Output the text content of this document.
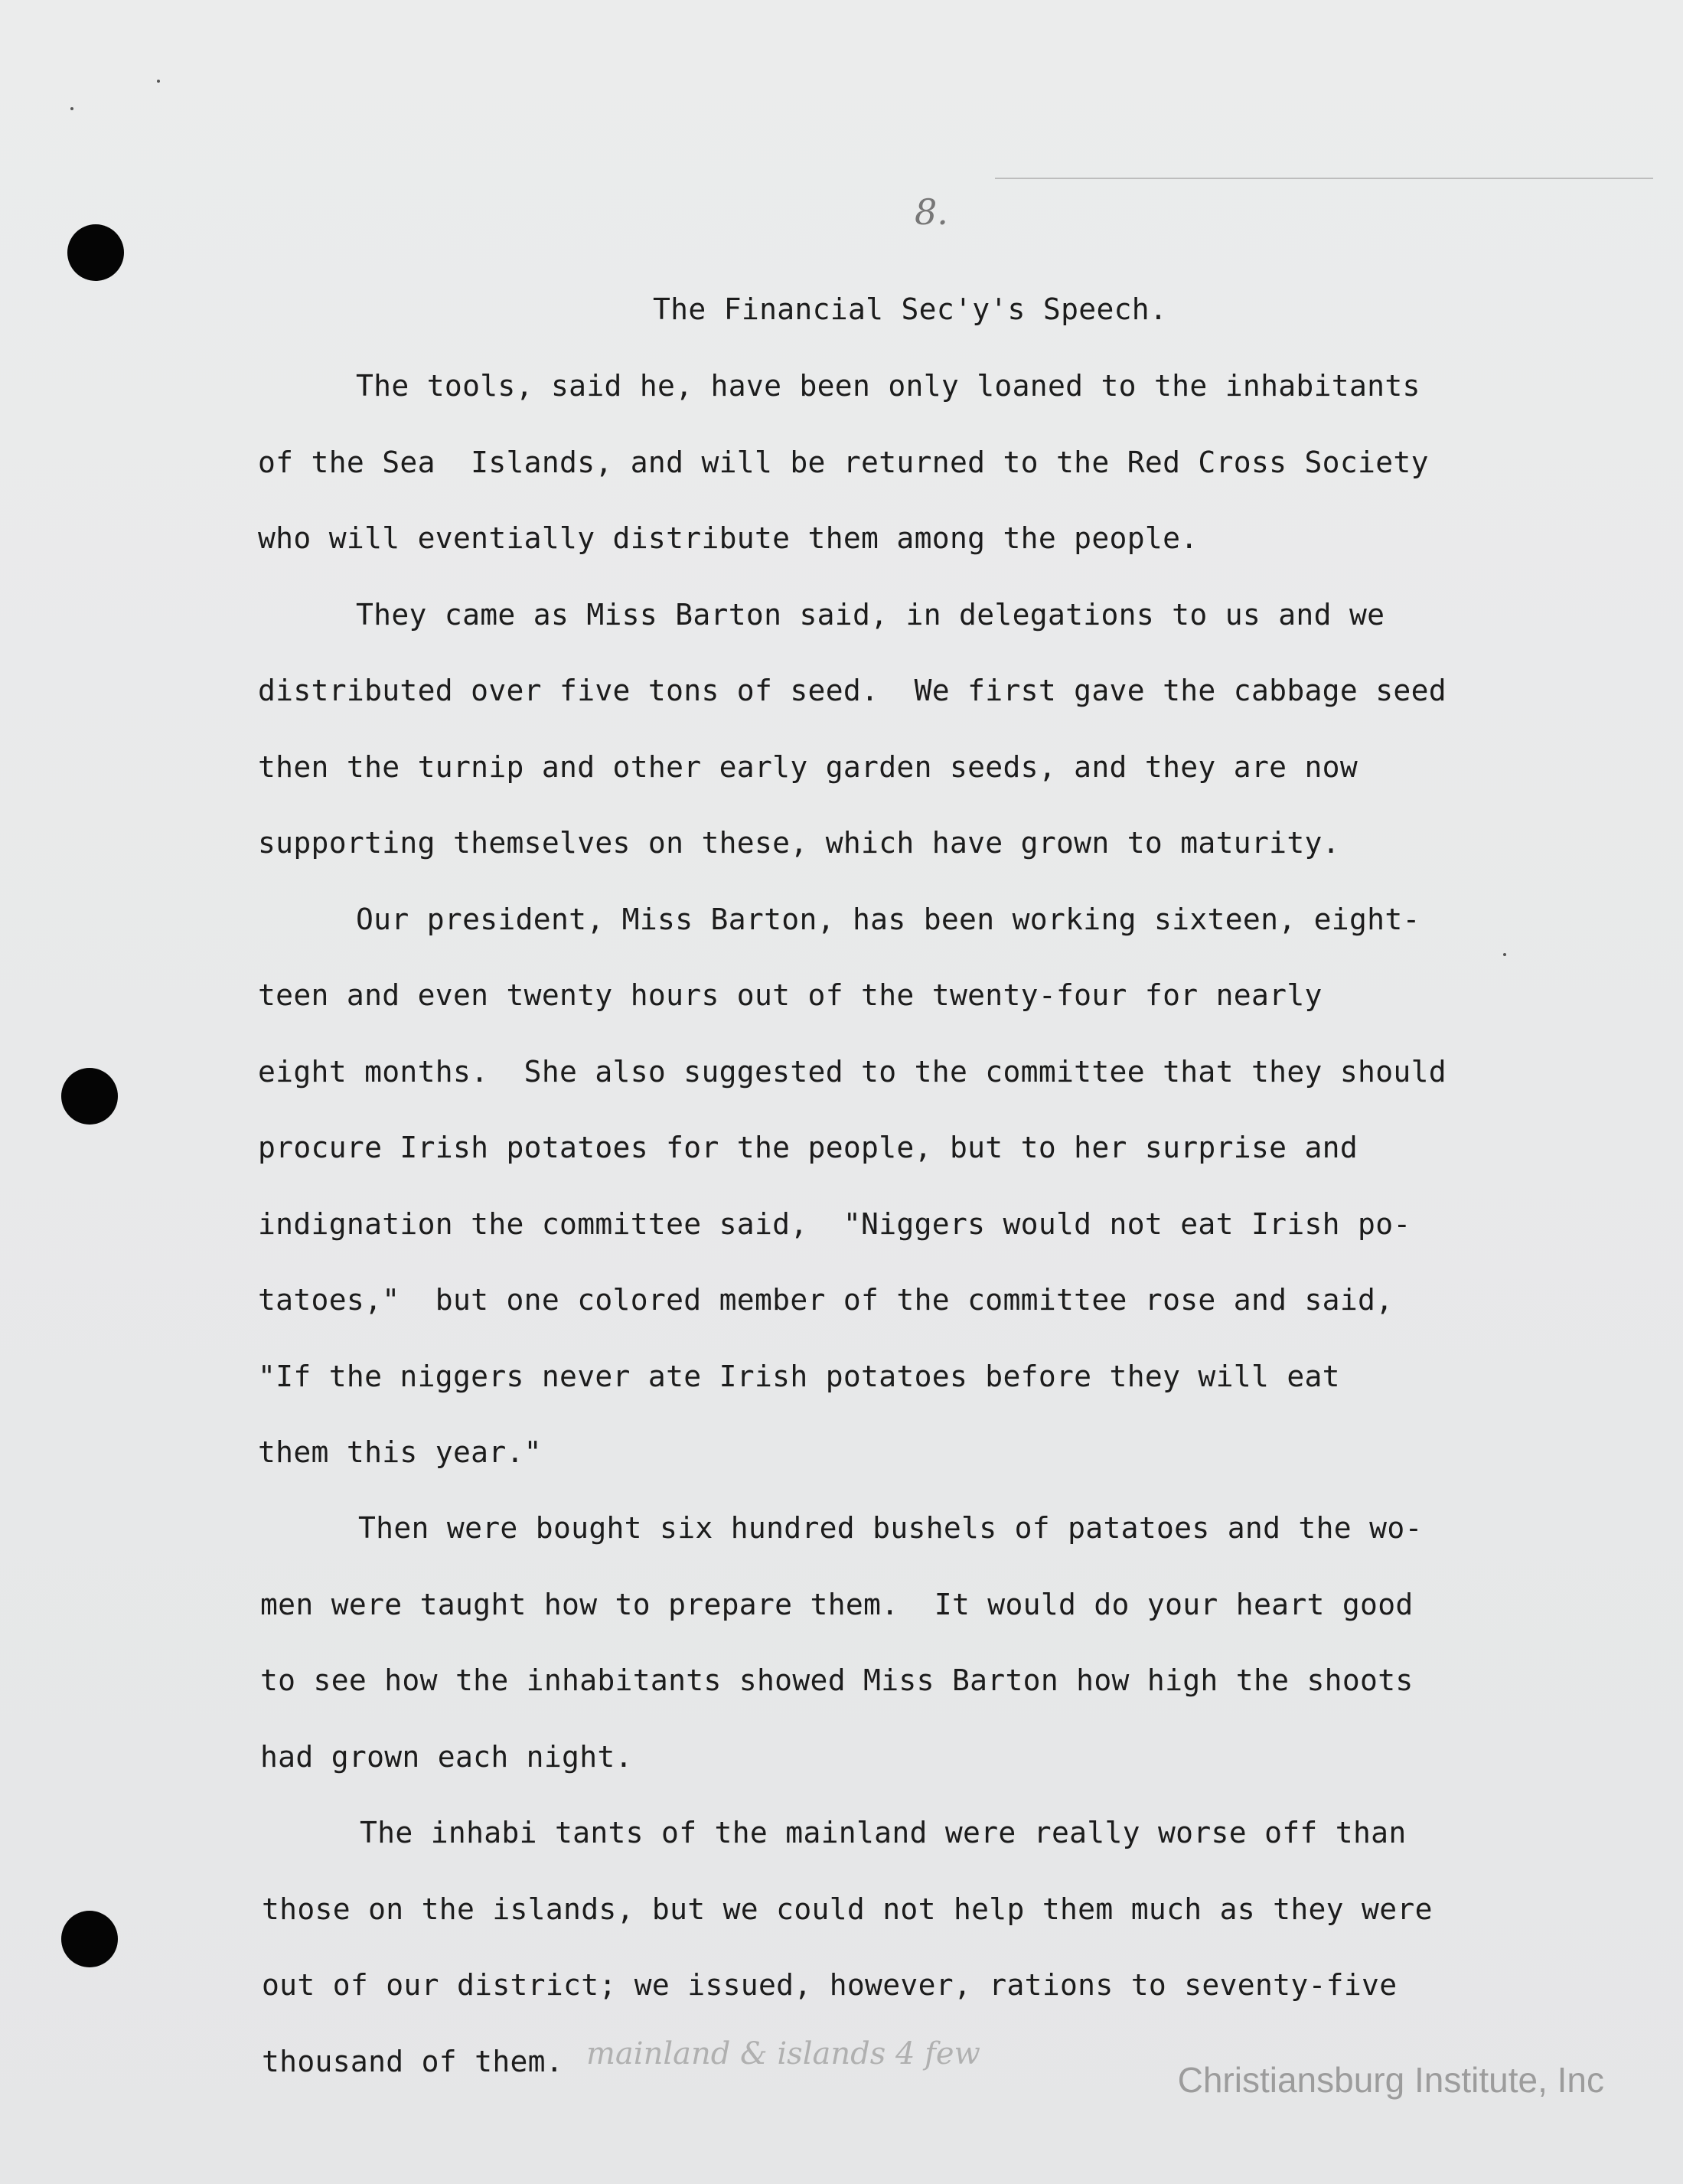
8.
The Financial Sec'y's Speech.
The tools, said he, have been only loaned to the inhabitants
of the Sea  Islands, and will be returned to the Red Cross Society
who will eventially distribute them among the people.
They came as Miss Barton said, in delegations to us and we
distributed over five tons of seed.  We first gave the cabbage seed
then the turnip and other early garden seeds, and they are now
supporting themselves on these, which have grown to maturity.
Our president, Miss Barton, has been working sixteen, eight-
teen and even twenty hours out of the twenty-four for nearly
eight months.  She also suggested to the committee that they should
procure Irish potatoes for the peoplе, but to her surprise and
indignation the committee said,  "Niggers would not eat Irish po-
tatoes,"  but one colored member of the committee rose and said,
"If the niggers never ate Irish potatoes before they will eat
them this year."
Then were bought six hundred bushels of patatoes and the wo-
men were taught how to prepare them.  It would do your heart good
to see how the inhabitants showed Miss Barton how high the shoots
had grown each night.
The inhabi tants of the mainland were really worse off than
those on the islands, but we could not help them much as they were
out of our district; we issued, however, rations to seventy-five
thousand of them. mainland & islands 4 few
Christiansburg Institute, Inc
